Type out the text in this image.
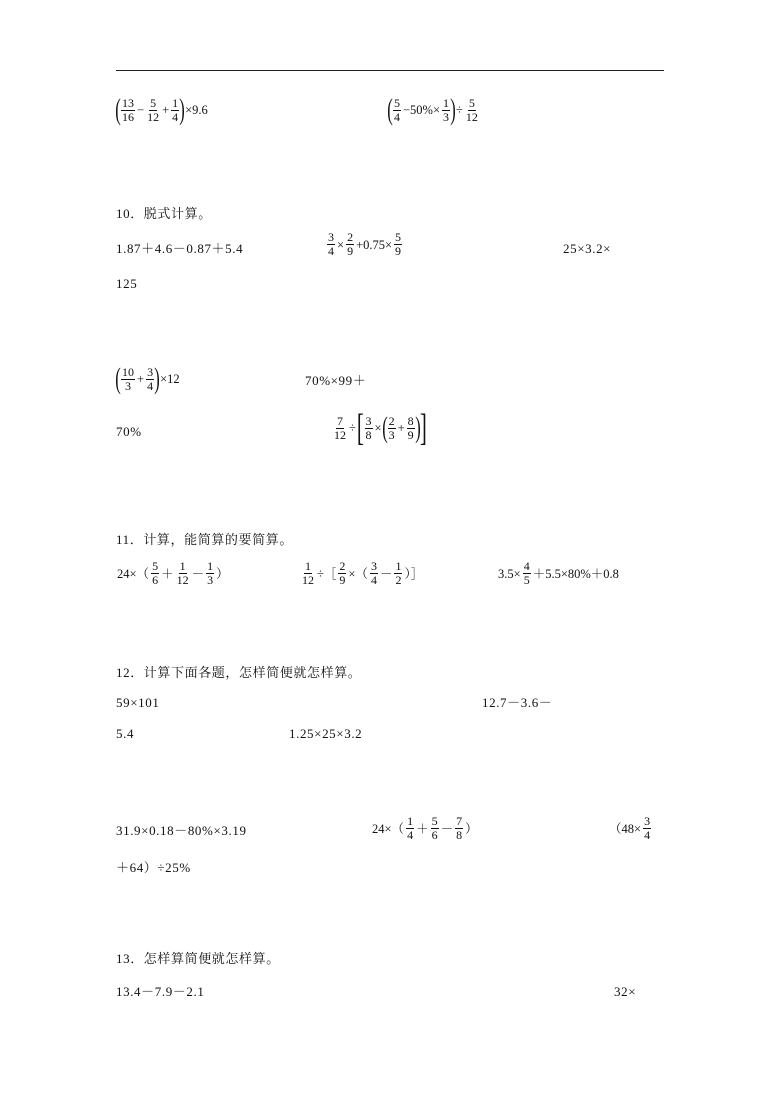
( $\frac{13}{16} - \frac{5}{12} + \frac{1}{4}$ ) ×9.6	( $\frac{5}{4} -50\%\times \frac{1}{3}$ ) ÷ $\frac{5}{12}$
10．脱式计算。
1.87＋4.6－0.87＋5.4	$\frac{3}{4} \times \frac{2}{9} +0.75\times \frac{5}{9}$	25×3.2×
125
( $\frac{10}{3} + \frac{3}{4}$ ) ×12	70%×99＋
70%	$\frac{7}{12}$ ÷ [ $\frac{3}{8}$ × ( $\frac{2}{3} + \frac{8}{9}$ ) ]
11．计算，能简算的要简算。
$24\times( \frac{5}{6} + \frac{1}{12} - \frac{1}{3}$ ）	$\frac{1}{12}$ ÷［ $\frac{2}{9}$ ×（ $\frac{3}{4} - \frac{1}{2}$ ）］	$3.5\times \frac{4}{5} +5.5\times 80\%+0.8$
12．计算下面各题，怎样简便就怎样算。
59×101	12.7－3.6－
5.4	1.25×25×3.2
31.9×0.18－80%×3.19	$24\times( \frac{1}{4} + \frac{5}{6} - \frac{7}{8}$ ）	（$48\times \frac{3}{4}$
＋64）÷25%
13．怎样算简便就怎样算。
13.4－7.9－2.1	32×
